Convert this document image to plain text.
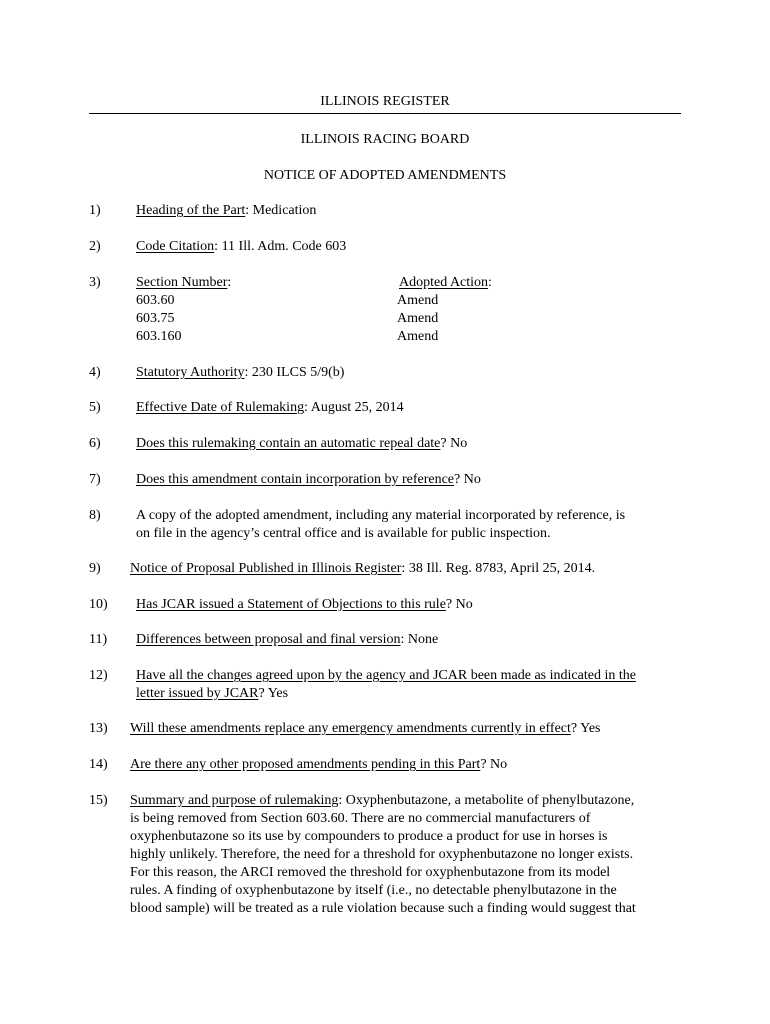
ILLINOIS REGISTER
ILLINOIS RACING BOARD
NOTICE OF ADOPTED AMENDMENTS
1)	Heading of the Part: Medication
2)	Code Citation: 11 Ill. Adm. Code 603
3)	Section Number:	Adopted Action:
603.60	Amend
603.75	Amend
603.160	Amend
4)	Statutory Authority: 230 ILCS 5/9(b)
5)	Effective Date of Rulemaking: August 25, 2014
6)	Does this rulemaking contain an automatic repeal date? No
7)	Does this amendment contain incorporation by reference? No
8)	A copy of the adopted amendment, including any material incorporated by reference, is
on file in the agency’s central office and is available for public inspection.
9) Notice of Proposal Published in Illinois Register: 38 Ill. Reg. 8783, April 25, 2014.
10) Has JCAR issued a Statement of Objections to this rule? No
11) Differences between proposal and final version: None
12) Have all the changes agreed upon by the agency and JCAR been made as indicated in the
letter issued by JCAR? Yes
13) Will these amendments replace any emergency amendments currently in effect? Yes
14) Are there any other proposed amendments pending in this Part? No
15) Summary and purpose of rulemaking: Oxyphenbutazone, a metabolite of phenylbutazone,
is being removed from Section 603.60. There are no commercial manufacturers of
oxyphenbutazone so its use by compounders to produce a product for use in horses is
highly unlikely. Therefore, the need for a threshold for oxyphenbutazone no longer exists.
For this reason, the ARCI removed the threshold for oxyphenbutazone from its model
rules. A finding of oxyphenbutazone by itself (i.e., no detectable phenylbutazone in the
blood sample) will be treated as a rule violation because such a finding would suggest that
